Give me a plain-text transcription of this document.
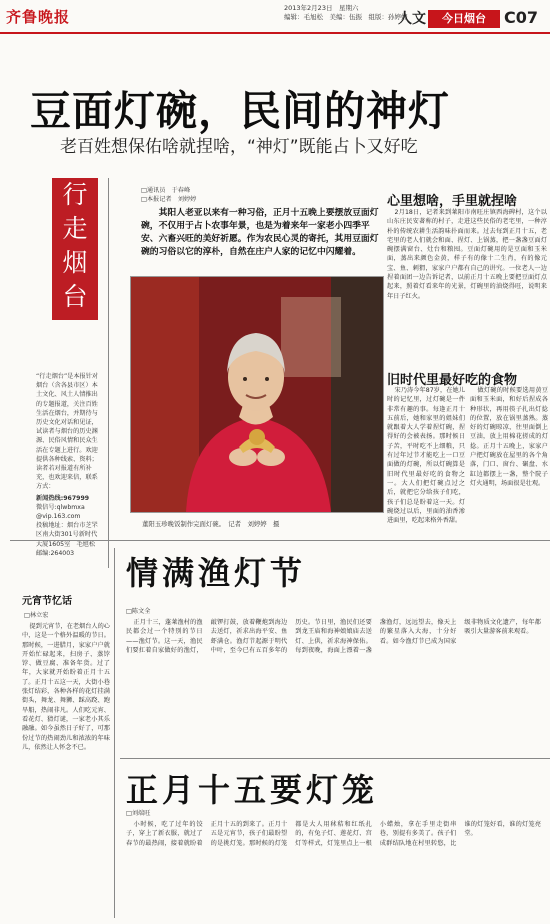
齐鲁晚报	2013年2月23日　星期六
编辑：毛旭松　美编：伍振　组版：孙婷婷
人文	今日烟台	C07
豆面灯碗，民间的神灯
老百姓想保佑啥就捏啥，“神灯”既能占卜又好吃
行
走
烟
台

“行走烟台”是本报针对烟台（含各县市区）本土文化、风土人情推出的专题报道，关注百姓生活在烟台，并期待与历史文化对话和见证，试读者与烟台的历史渊源、民俗风情和民众生活在专题上进行。欢迎提供各种线索、资料；读者若对报道有所补充，也欢迎来信，联系方式：

新闻热线:967999

微信号:qlwbmxa

@vip.163.com

投稿地址：烟台市芝罘区南大街301号新时代大厦1605室　毛旭松

邮编:264003

□通讯员　于春峰
□本报记者　刘婷婷
　　其阳人老亚以来有一种习俗，正月十五晚上要摆放豆面灯碗，不仅用于占卜农事年景，也是为着来年一家老小四季平安、六畜兴旺的美好祈愿。作为农民心灵的寄托，其用豆面灯碗的习俗以它的淳朴，自然在庄户人家的记忆中闪耀着。
董阳玉珍晚饭制作完面灯碗。　记者　刘婷婷　摄
心里想啥，手里就捏啥

2月18日，记者来到莱阳市南旺庄镇西海碑村，这个以山东庄民安著称的村子，走进这些民俗的老宅里，一种淳朴的传统农耕生活韵味扑面而来。过去每到正月十五，老宅里的老人们就会和面、捏灯、上锅蒸，把一盏盏豆面灯碗摆满窗台、灶台和粮囤。豆面灯碗用的是豆面和玉米面，蒸出来颜色金黄，样子有的像十二生肖，有的像元宝、鱼、刺猬，家家户户都有自己的讲究。一位老人一边捏着面团一边告诉记者，以前正月十五晚上要把豆面灯点起来，照着灯看来年的光景，灯碗里的油烧得旺，说明来年日子红火。

旧时代里最好吃的食物

宋乃涛今年87岁，在她儿时的记忆里，过灯碗是一件非常有趣的事。每逢正月十五前后，她和家里的姐妹们就跟着大人学着捏灯碗，捏得好的会被表扬。那时候日子苦，平时吃不上细粮，只有过年过节才能吃上一口豆面做的灯碗，所以灯碗算是旧时代里最好吃的食物之一。大人们把灯碗点过之后，就把它分给孩子们吃，孩子们总是盼着这一天。灯碗烧过以后，里面的油香渗进面里，吃起来格外香甜。

做灯碗的时候要选用黄豆面和玉米面，和好后捏成各种形状，再用筷子扎出灯捻的位置，放在锅里蒸熟。蒸好的灯碗晾凉，往里面倒上豆油，放上用棉花搓成的灯捻。正月十五晚上，家家户户把灯碗放在屋里的各个角落，门口、窗台、碾盘、水缸边都摆上一盏，整个院子灯火通明，场面很是壮观。

元宵节忆话
□林立宏

提到元宵节，在老烟台人的心中，这是一个格外温暖的节日。那时候，一进腊月，家家户户就开始忙碌起来，扫房子、蒸饽饽、做豆腐、准备年货。过了年，大家就开始盼着正月十五了。正月十五这一天，大街小巷张灯结彩，各种各样的花灯挂满街头，舞龙、舞狮、踩高跷、跑旱船，热闹非凡。人们吃元宵、看花灯、猜灯谜，一家老小其乐融融。如今虽然日子好了，可那份过节的热闹劲儿和浓浓的年味儿，依然让人怀念不已。

情满渔灯节
□陈文全

正月十三，蓬莱渔村的渔民都会过一个特别的节日——渔灯节。这一天，渔民们要扛着自家做好的渔灯，敲锣打鼓，放着鞭炮到海边去送灯，祈求出海平安、鱼虾满仓。渔灯节起源于明代中叶，至今已有五百多年的历史。节日里，渔民们还要到龙王庙和海神娘娘庙去送灯、上供，祈求海神保佑。每到夜晚，海面上漂着一盏盏渔灯，远远望去，像天上的繁星落入大海，十分好看。如今渔灯节已成为国家级非物质文化遗产，每年都吸引大量游客前来观看。

正月十五要灯笼
□刘端旺

小时候，吃了过年的饺子，穿上了新衣服，就过了春节的最热闹，接着就盼着正月十五的到来了。正月十五是元宵节，孩子们最盼望的是挑灯笼。那时候的灯笼都是大人用秫秸和红纸扎的，有兔子灯、莲花灯、宫灯等样式，灯笼里点上一根小蜡烛，拿在手里走街串巷，别提有多美了。孩子们成群结队地在村里转悠，比谁的灯笼好看，谁的灯笼亮堂。
